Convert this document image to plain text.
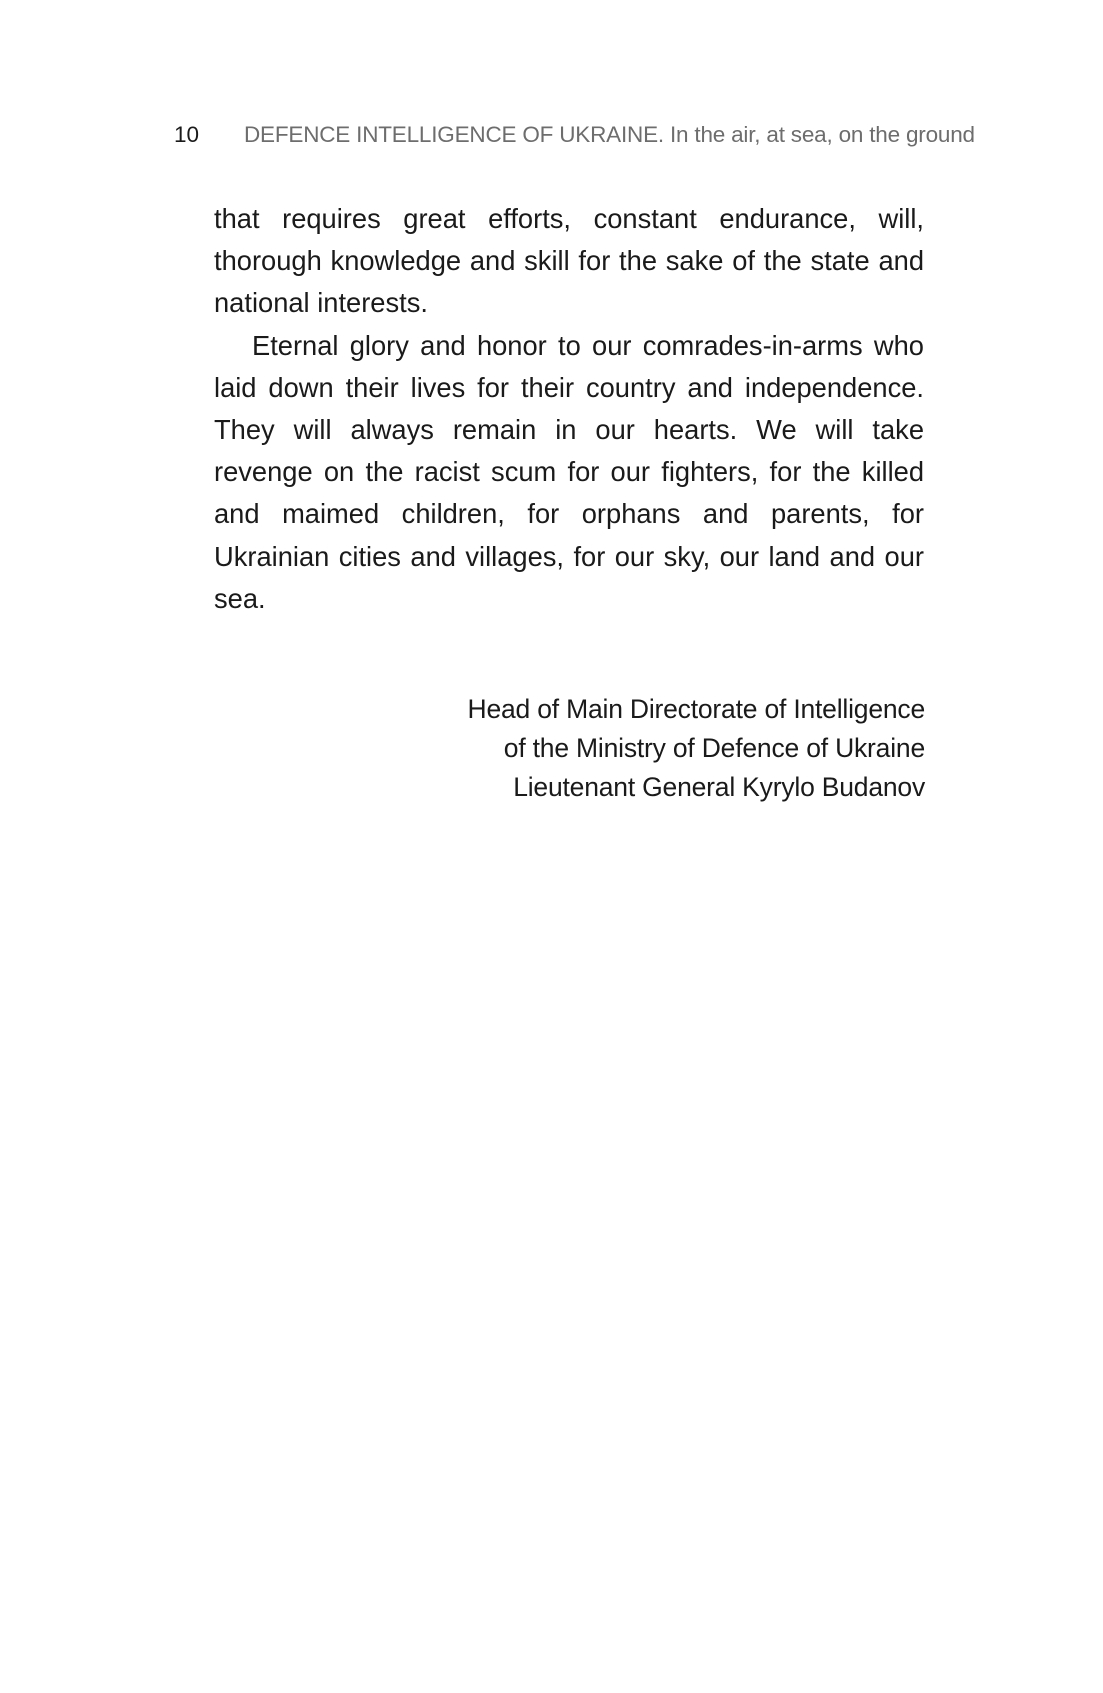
10 DEFENCE INTELLIGENCE OF UKRAINE. In the air, at sea, on the ground

that requires great efforts, constant endurance, will, thorough knowledge and skill for the sake of the state and national interests.

Eternal glory and honor to our comrades-in-arms who laid down their lives for their country and independence. They will always remain in our hearts. We will take revenge on the racist scum for our fighters, for the killed and maimed children, for orphans and parents, for Ukrainian cities and villages, for our sky, our land and our sea.

Head of Main Directorate of Intelligence
of the Ministry of Defence of Ukraine
Lieutenant General Kyrylo Budanov
